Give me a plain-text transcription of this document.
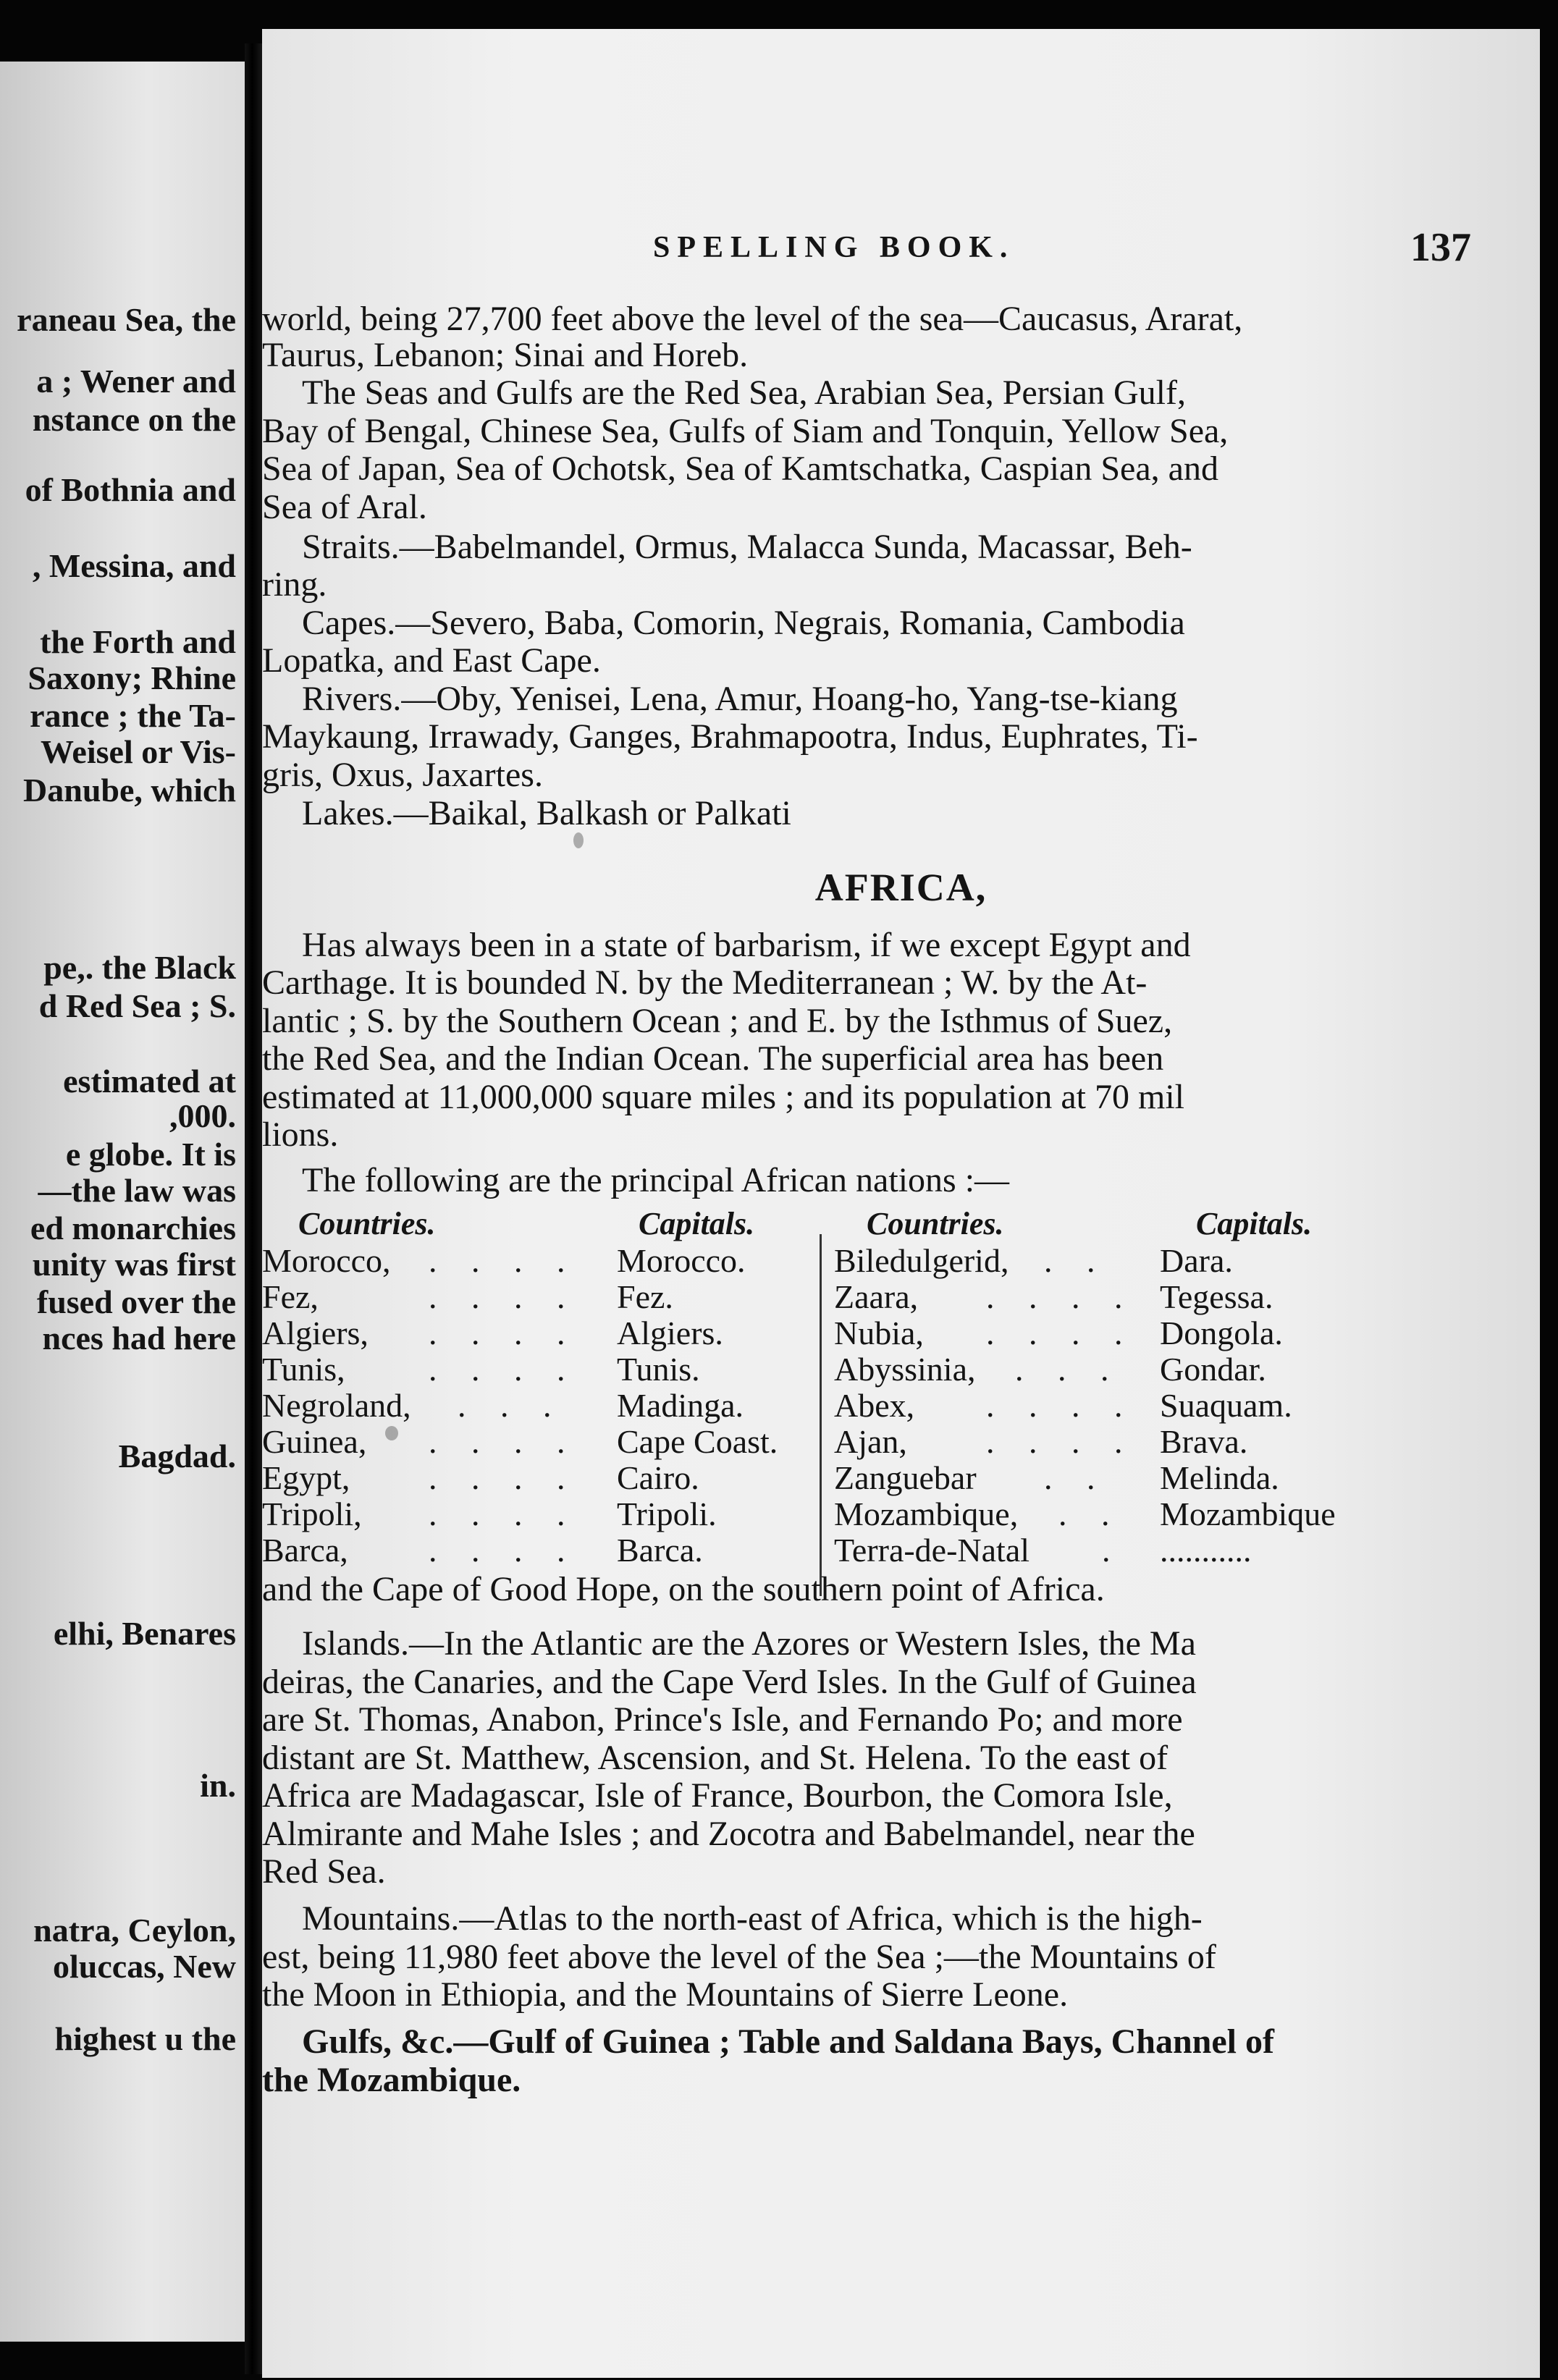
raneau Sea, the
a ; Wener and
nstance on the
of Bothnia and
, Messina, and
the Forth and
Saxony; Rhine
rance ; the Ta-
Weisel or Vis-
Danube, which
pe,. the Black
d Red Sea ; S.
estimated at
,000.
e globe. It is
—the law was
ed monarchies
unity was first
fused over the
nces had here
Bagdad.
elhi, Benares
in.
natra, Ceylon,
oluccas, New
highest u the
SPELLING BOOK.	137
world, being 27,700 feet above the level of the sea—Caucasus, Ararat,
Taurus, Lebanon; Sinai and Horeb.
The Seas and Gulfs are the Red Sea, Arabian Sea, Persian Gulf,
Bay of Bengal, Chinese Sea, Gulfs of Siam and Tonquin, Yellow Sea,
Sea of Japan, Sea of Ochotsk, Sea of Kamtschatka, Caspian Sea, and
Sea of Aral.
Straits.—Babelmandel, Ormus, Malacca Sunda, Macassar, Beh-
ring.
Capes.—Severo, Baba, Comorin, Negrais, Romania, Cambodia
Lopatka, and East Cape.
Rivers.—Oby, Yenisei, Lena, Amur, Hoang-ho, Yang-tse-kiang
Maykaung, Irrawady, Ganges, Brahmapootra, Indus, Euphrates, Ti-
gris, Oxus, Jaxartes.
Lakes.—Baikal, Balkash or Palkati
AFRICA,
Has always been in a state of barbarism, if we except Egypt and
Carthage. It is bounded N. by the Mediterranean ; W. by the At-
lantic ; S. by the Southern Ocean ; and E. by the Isthmus of Suez,
the Red Sea, and the Indian Ocean. The superficial area has been
estimated at 11,000,000 square miles ; and its population at 70 mil
lions.
The following are the principal African nations :—
Countries.	Capitals.	Countries.	Capitals.
Morocco, . . . . Morocco.	Biledulgerid, . . Dara.
Fez,	. . . . Fez.	Zaara, . . . . Tegessa.
Algiers, . . . . Algiers.	Nubia, . . . . Dongola.
Tunis,	. . . . Tunis.	Abyssinia, . . . Gondar.
Negroland, . . . Madinga.	Abex, . . . . Suaquam.
Guinea, . . . . Cape Coast. Ajan, . . . . Brava.
Egypt, . . . . Cairo.	Zanguebar . . Melinda.
Tripoli, . . . . Tripoli.	Mozambique, . . Mozambique
Barca, . . . . Barca.	Terra-de-Natal . ...........
and the Cape of Good Hope, on the southern point of Africa.
Islands.—In the Atlantic are the Azores or Western Isles, the Ma
deiras, the Canaries, and the Cape Verd Isles. In the Gulf of Guinea
are St. Thomas, Anabon, Prince's Isle, and Fernando Po; and more
distant are St. Matthew, Ascension, and St. Helena. To the east of
Africa are Madagascar, Isle of France, Bourbon, the Comora Isle,
Almirante and Mahe Isles ; and Zocotra and Babelmandel, near the
Red Sea.
Mountains.—Atlas to the north-east of Africa, which is the high-
est, being 11,980 feet above the level of the Sea ;—the Mountains of
the Moon in Ethiopia, and the Mountains of Sierre Leone.
Gulfs, &c.—Gulf of Guinea ; Table and Saldana Bays, Channel of
the Mozambique.
